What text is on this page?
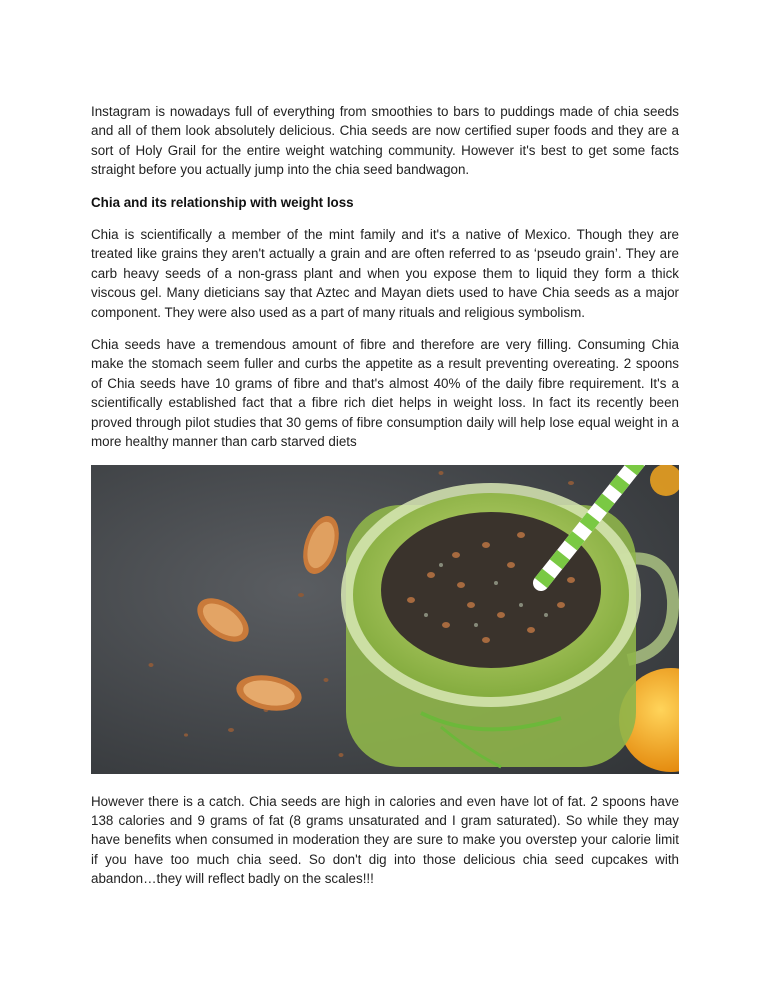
Instagram is nowadays full of everything from smoothies to bars to puddings made of chia seeds and all of them look absolutely delicious. Chia seeds are now certified super foods and they are a sort of Holy Grail for the entire weight watching community. However it's best to get some facts straight before you actually jump into the chia seed bandwagon.

Chia and its relationship with weight loss

Chia is scientifically a member of the mint family and it's a native of Mexico. Though they are treated like grains they aren't actually a grain and are often referred to as ‘pseudo grain’. They are carb heavy seeds of a non-grass plant and when you expose them to liquid they form a thick viscous gel. Many dieticians say that Aztec and Mayan diets used to have Chia seeds as a major component. They were also used as a part of many rituals and religious symbolism.

Chia seeds have a tremendous amount of fibre and therefore are very filling. Consuming Chia make the stomach seem fuller and curbs the appetite as a result preventing overeating. 2 spoons of Chia seeds have 10 grams of fibre and that's almost 40% of the daily fibre requirement. It's a scientifically established fact that a fibre rich diet helps in weight loss. In fact its recently been proved through pilot studies that 30 gems of fibre consumption daily will help lose equal weight in a more healthy manner than carb starved diets

However there is a catch. Chia seeds are high in calories and even have lot of fat. 2 spoons have 138 calories and 9 grams of fat (8 grams unsaturated and I gram saturated). So while they may have benefits when consumed in moderation they are sure to make you overstep your calorie limit if you have too much chia seed. So don't dig into those delicious chia seed cupcakes with abandon…they will reflect badly on the scales!!!
